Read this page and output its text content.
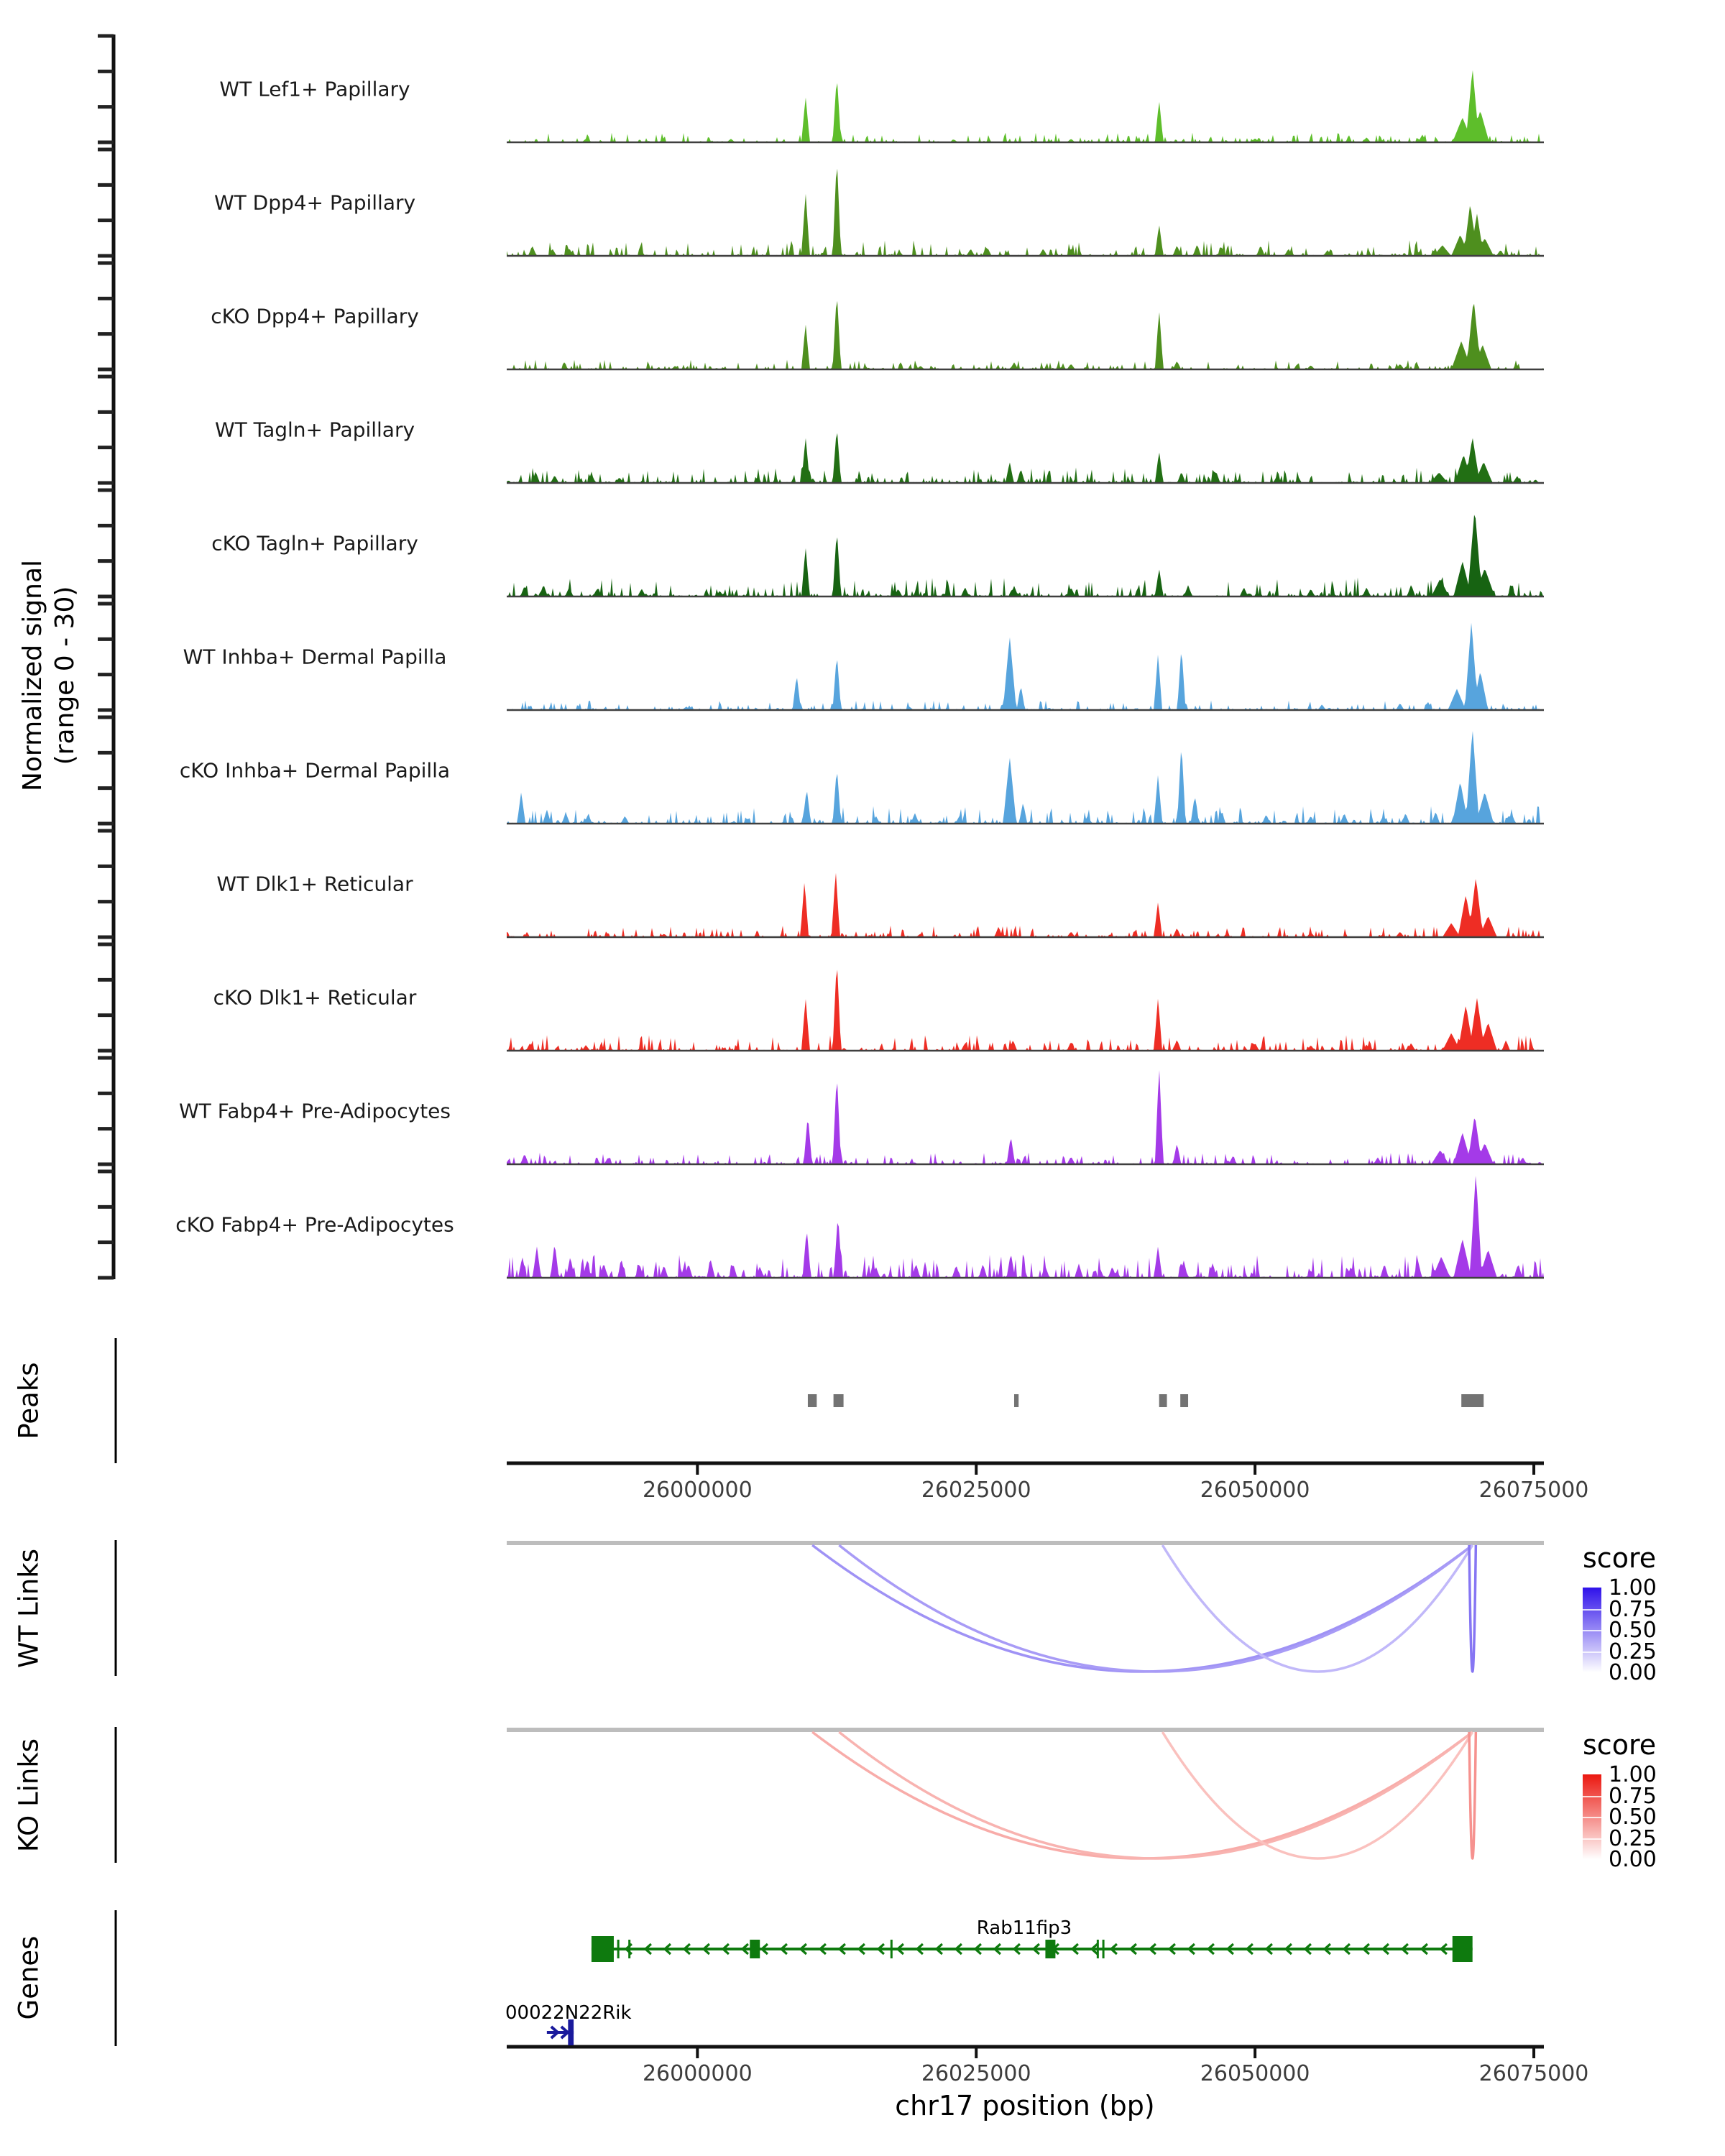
Normalized signal (range 0 - 30)
Peaks
WT Links
KO Links
Genes
chr17 position (bp)
WT Lef1+ Papillary
WT Dpp4+ Papillary
cKO Dpp4+ Papillary
WT Tagln+ Papillary
cKO Tagln+ Papillary
WT Inhba+ Dermal Papilla
cKO Inhba+ Dermal Papilla
WT Dlk1+ Reticular
cKO Dlk1+ Reticular
WT Fabp4+ Pre-Adipocytes
cKO Fabp4+ Pre-Adipocytes
26000000	26025000	26050000	26075000
26000000	26025000	26050000	26075000
score
1.00
0.75
0.50
0.25
0.00
score
1.00
0.75
0.50
0.25
0.00
Rab11fip3
00022N22Rik
